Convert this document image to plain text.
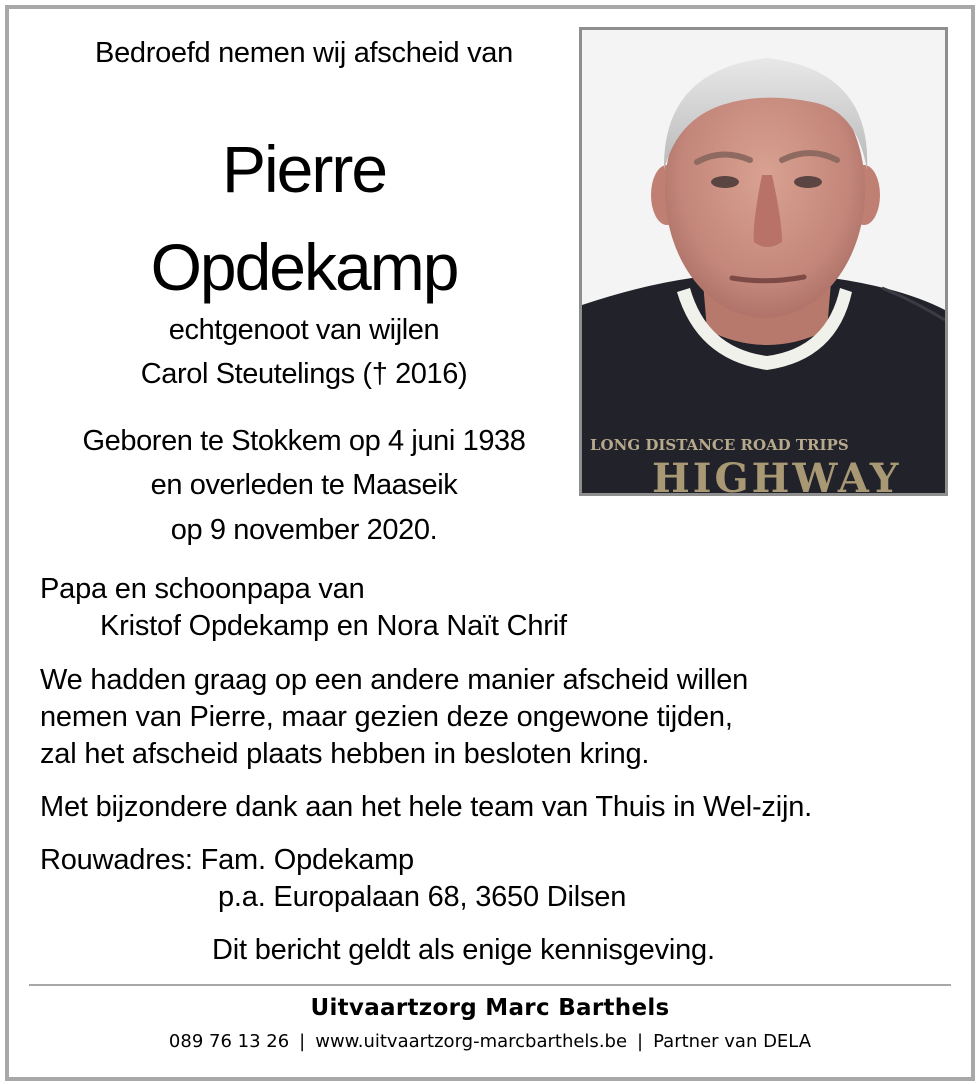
Bedroefd nemen wij afscheid van
Pierre
Opdekamp
echtgenoot van wijlen
Carol Steutelings († 2016)
Geboren te Stokkem op 4 juni 1938
en overleden te Maaseik
op 9 november 2020.
LONG DISTANCE ROAD TRIPS
HIGHWAY
Papa en schoonpapa van
Kristof Opdekamp en Nora Naït Chrif
We hadden graag op een andere manier afscheid willen
nemen van Pierre, maar gezien deze ongewone tijden,
zal het afscheid plaats hebben in besloten kring.
Met bijzondere dank aan het hele team van Thuis in Wel-zijn.
Rouwadres: Fam. Opdekamp
p.a. Europalaan 68, 3650 Dilsen
Dit bericht geldt als enige kennisgeving.
Uitvaartzorg Marc Barthels
089 76 13 26 | www.uitvaartzorg-marcbarthels.be | Partner van DELA
